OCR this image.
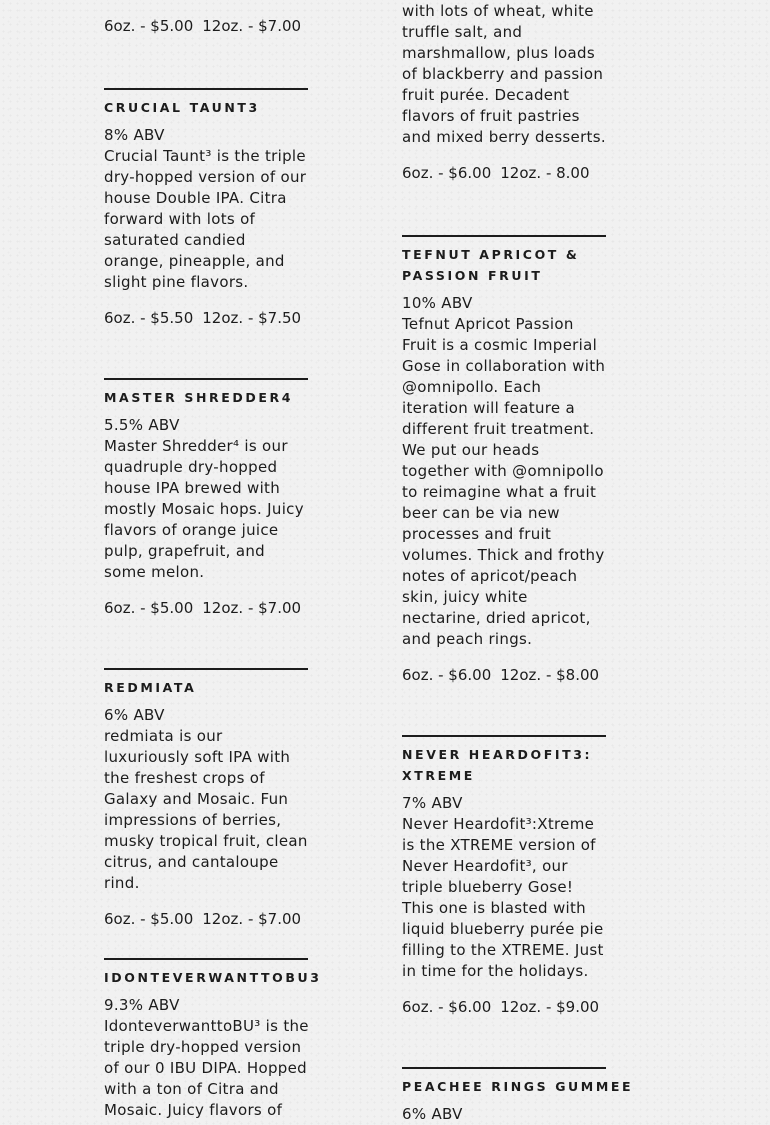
6oz. - $5.00 12oz. - $7.00
CRUCIAL TAUNT3
8% ABV
Crucial Taunt³ is the triple dry-hopped version of our house Double IPA. Citra forward with lots of saturated candied orange, pineapple, and slight pine flavors.
6oz. - $5.50 12oz. - $7.50
MASTER SHREDDER4
5.5% ABV
Master Shredder⁴ is our quadruple dry-hopped house IPA brewed with mostly Mosaic hops. Juicy flavors of orange juice pulp, grapefruit, and some melon.
6oz. - $5.00 12oz. - $7.00
REDMIATA
6% ABV
redmiata is our luxuriously soft IPA with the freshest crops of Galaxy and Mosaic. Fun impressions of berries, musky tropical fruit, clean citrus, and cantaloupe rind.
6oz. - $5.00 12oz. - $7.00
IDONTEVERWANTTOBU3
9.3% ABV
IdonteverwanttoBU³ is the triple dry-hopped version of our 0 IBU DIPA. Hopped with a ton of Citra and Mosaic. Juicy flavors of
with lots of wheat, white truffle salt, and marshmallow, plus loads of blackberry and passion fruit purée. Decadent flavors of fruit pastries and mixed berry desserts.
6oz. - $6.00 12oz. - 8.00
TEFNUT APRICOT & PASSION FRUIT
10% ABV
Tefnut Apricot Passion Fruit is a cosmic Imperial Gose in collaboration with @omnipollo. Each iteration will feature a different fruit treatment. We put our heads together with @omnipollo to reimagine what a fruit beer can be via new processes and fruit volumes. Thick and frothy notes of apricot/peach skin, juicy white nectarine, dried apricot, and peach rings.
6oz. - $6.00 12oz. - $8.00
NEVER HEARDOFIT3: XTREME
7% ABV
Never Heardofit³:Xtreme is the XTREME version of Never Heardofit³, our triple blueberry Gose! This one is blasted with liquid blueberry purée pie filling to the XTREME. Just in time for the holidays.
6oz. - $6.00 12oz. - $9.00
PEACHEE RINGS GUMMEE
6% ABV
